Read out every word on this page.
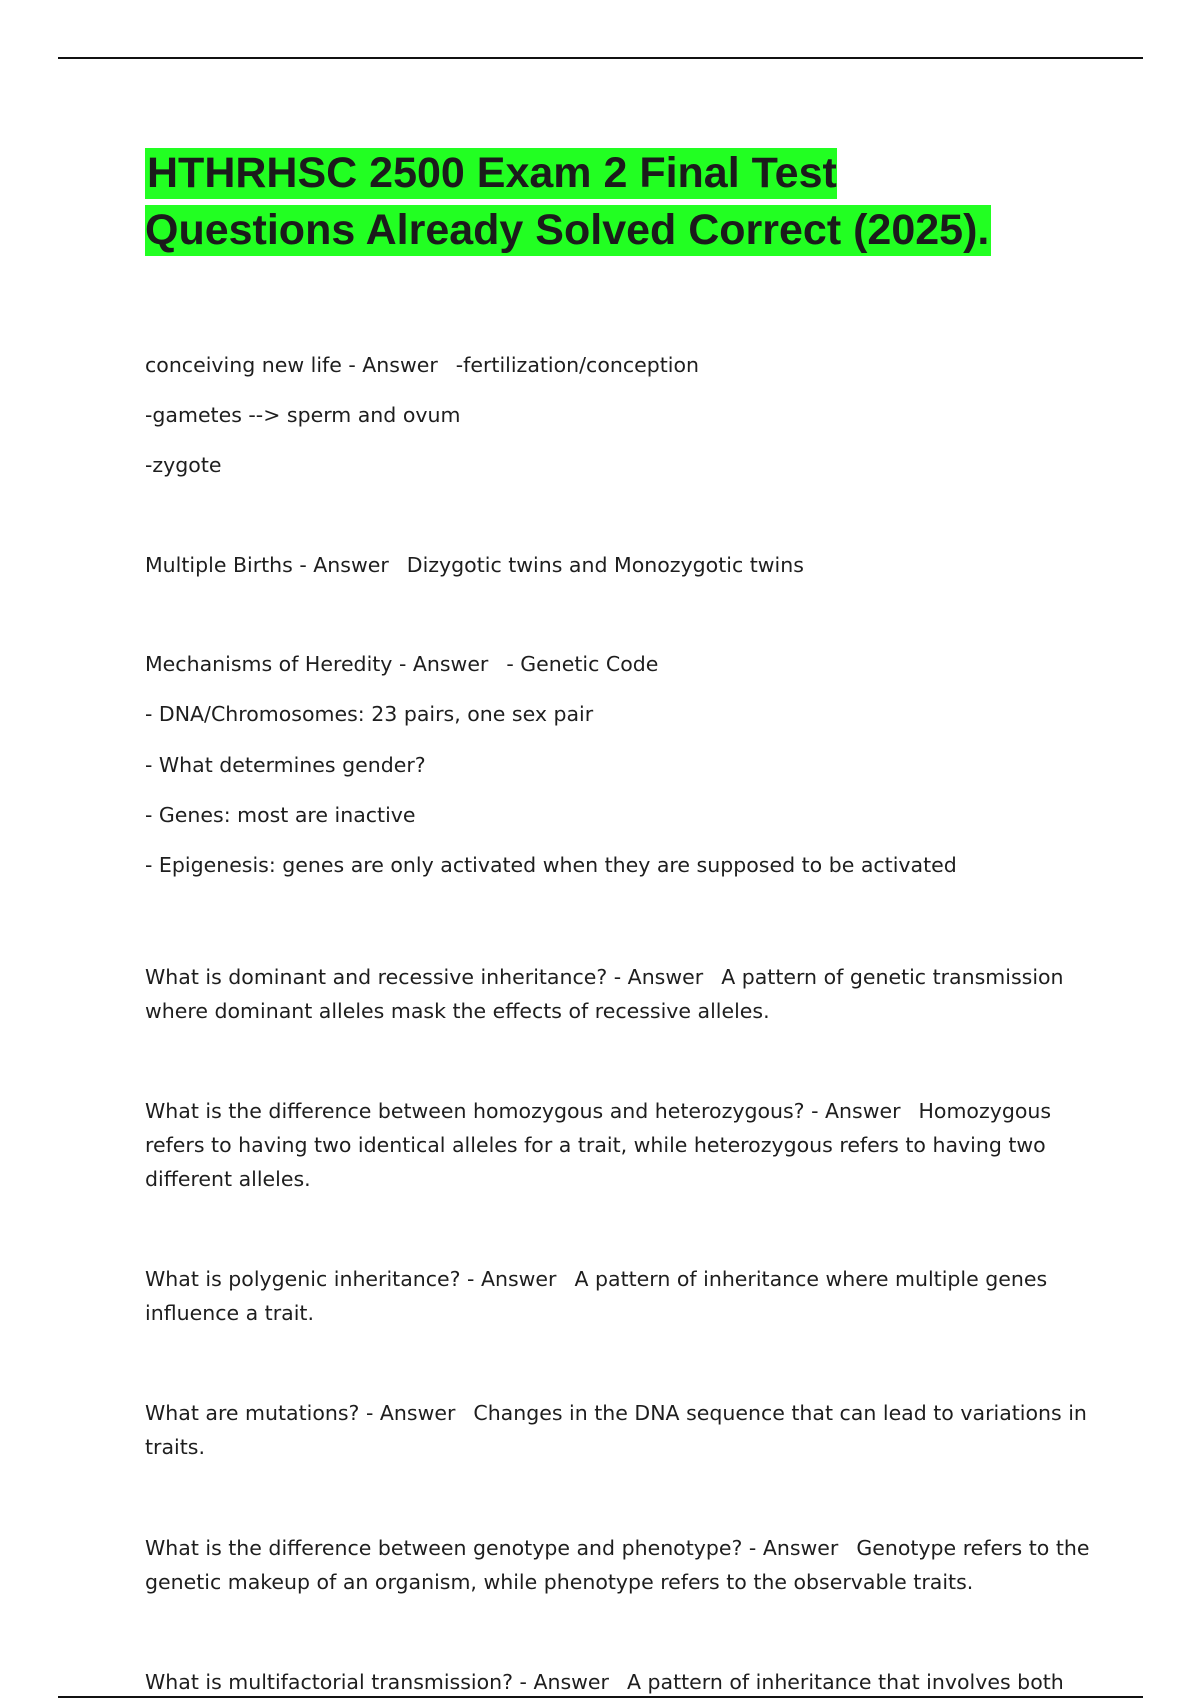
HTHRHSC 2500 Exam 2 Final Test Questions Already Solved Correct (2025).

conceiving new life - Answer -fertilization/conception

-gametes --> sperm and ovum

-zygote

Multiple Births - Answer Dizygotic twins and Monozygotic twins

Mechanisms of Heredity - Answer - Genetic Code

- DNA/Chromosomes: 23 pairs, one sex pair

- What determines gender?

- Genes: most are inactive

- Epigenesis: genes are only activated when they are supposed to be activated

What is dominant and recessive inheritance? - Answer A pattern of genetic transmission where dominant alleles mask the effects of recessive alleles.

What is the difference between homozygous and heterozygous? - Answer Homozygous refers to having two identical alleles for a trait, while heterozygous refers to having two different alleles.

What is polygenic inheritance? - Answer A pattern of inheritance where multiple genes influence a trait.

What are mutations? - Answer Changes in the DNA sequence that can lead to variations in traits.

What is the difference between genotype and phenotype? - Answer Genotype refers to the genetic makeup of an organism, while phenotype refers to the observable traits.

What is multifactorial transmission? - Answer A pattern of inheritance that involves both
